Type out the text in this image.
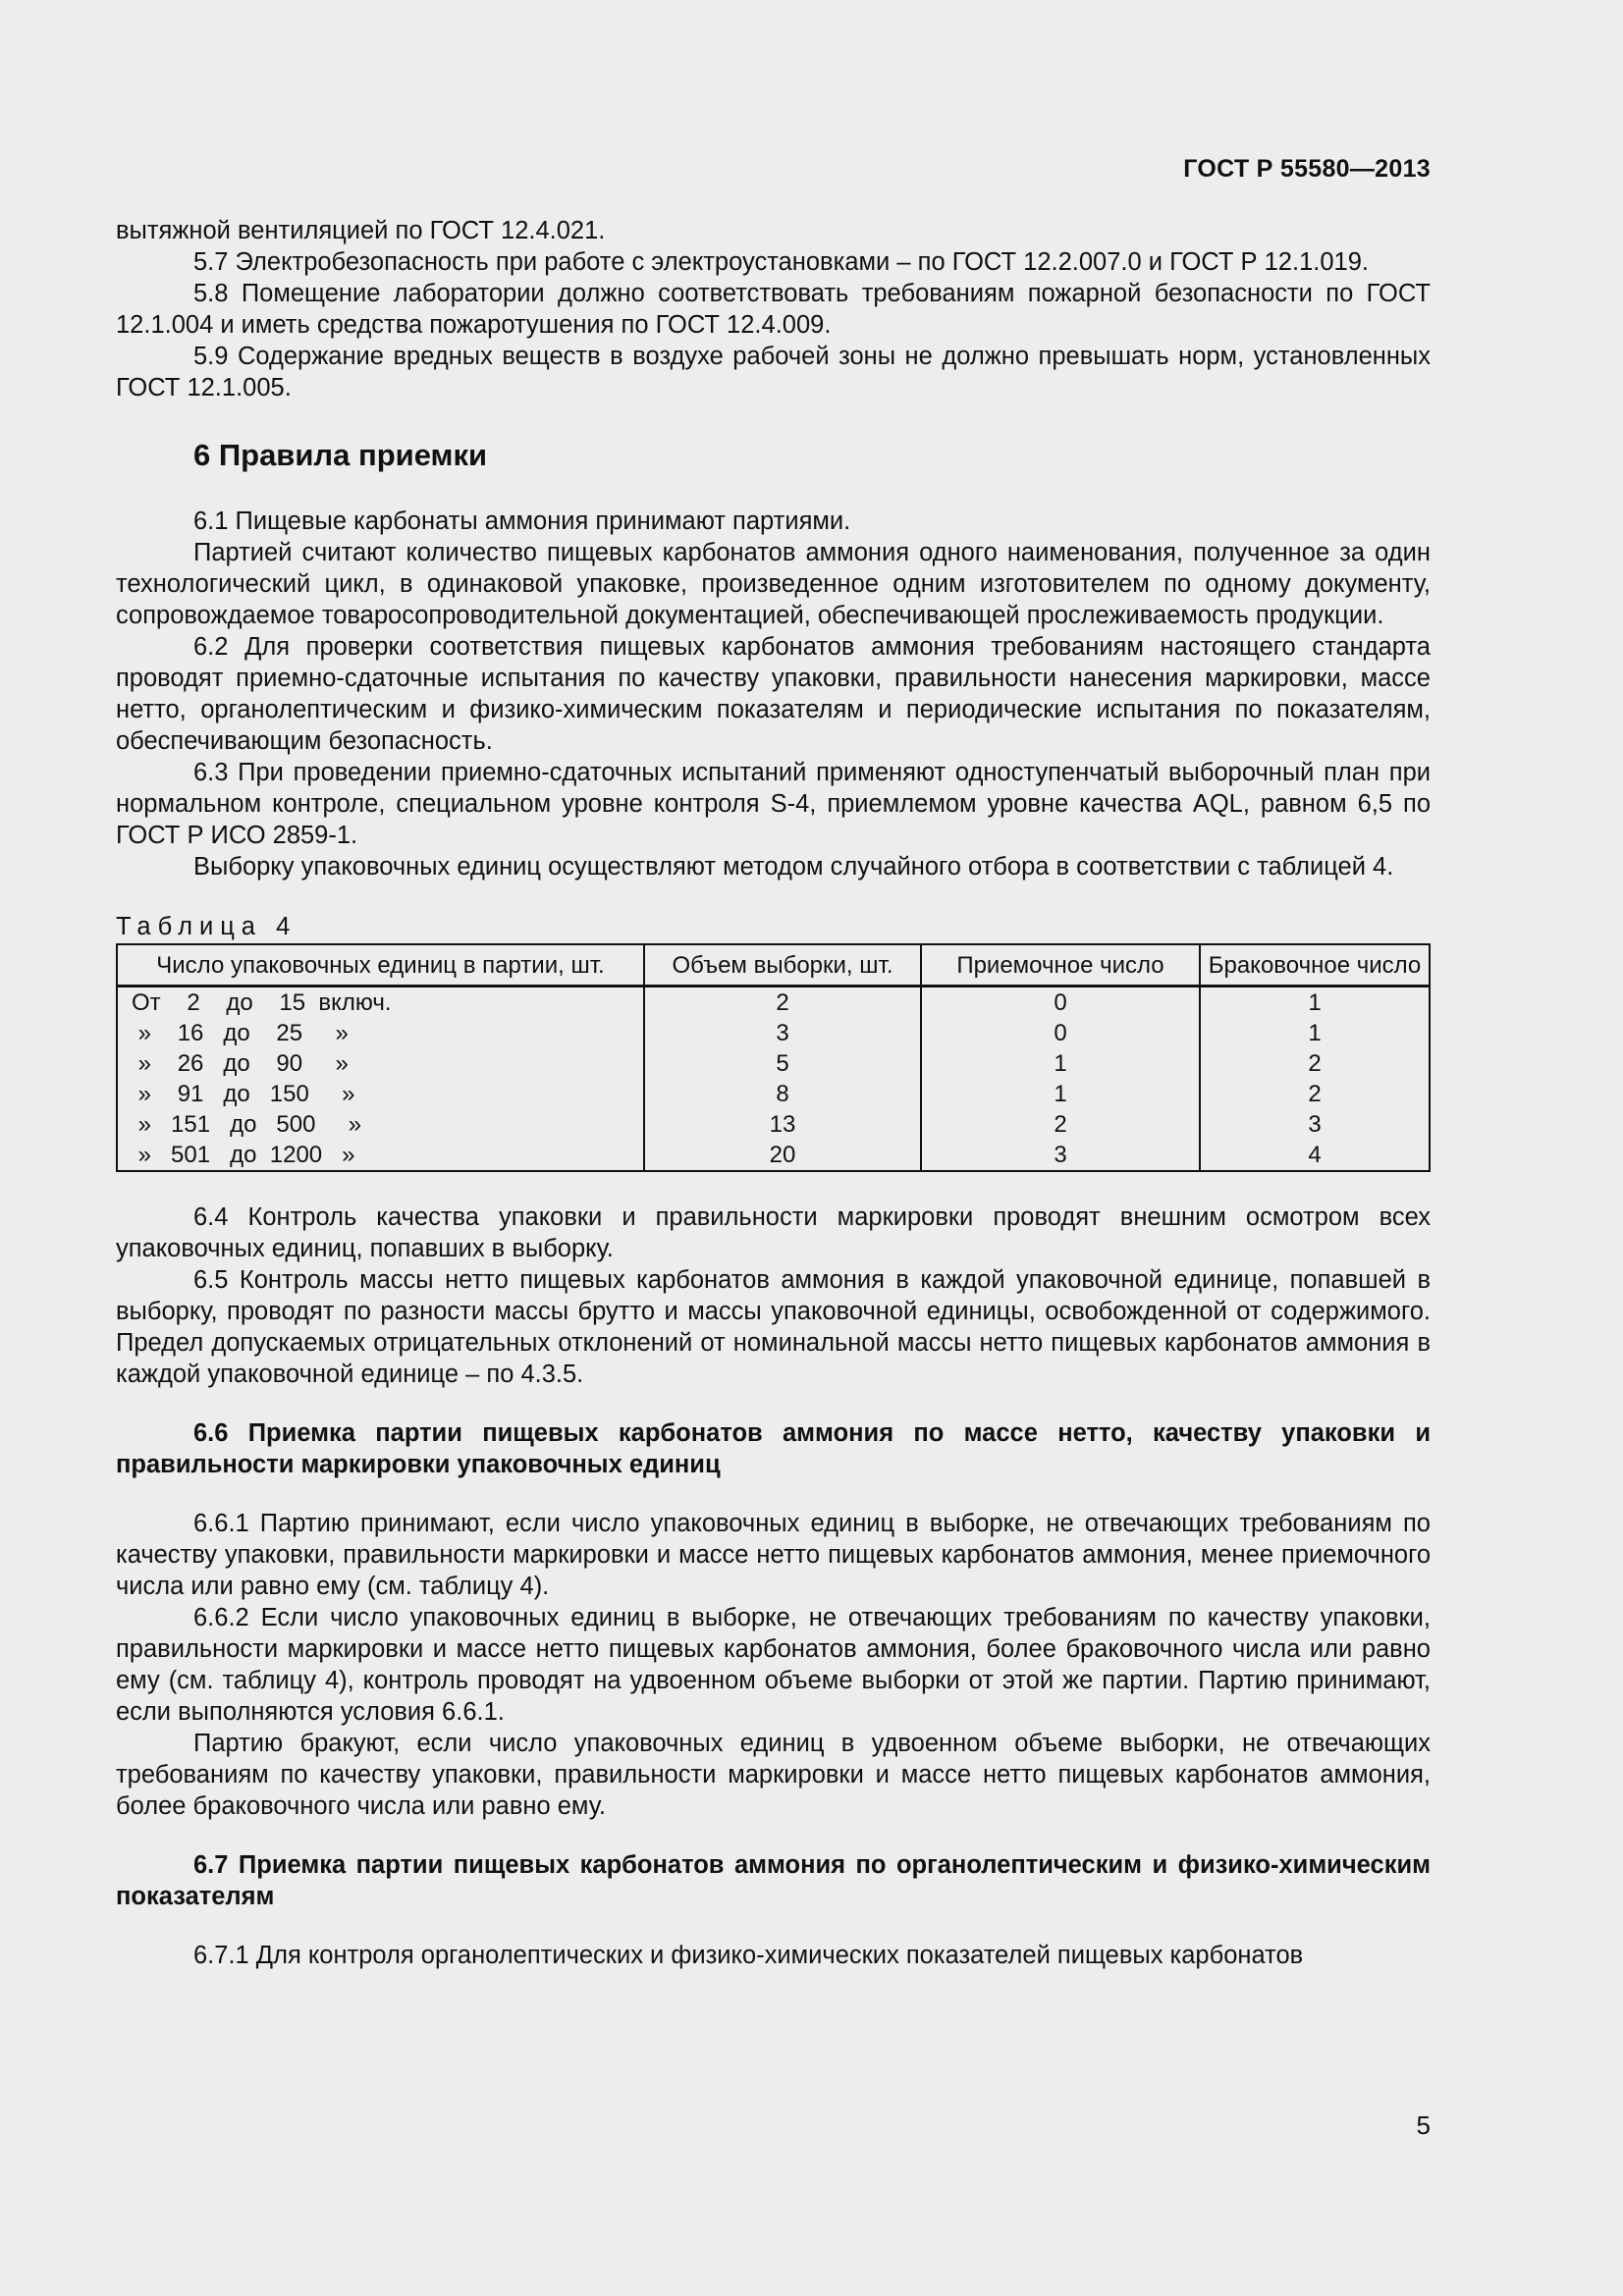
ГОСТ Р 55580—2013

вытяжной вентиляцией по ГОСТ 12.4.021.

5.7 Электробезопасность при работе с электроустановками – по ГОСТ 12.2.007.0 и ГОСТ Р 12.1.019.

5.8 Помещение лаборатории должно соответствовать требованиям пожарной безопасности по ГОСТ 12.1.004 и иметь средства пожаротушения по ГОСТ 12.4.009.

5.9 Содержание вредных веществ в воздухе рабочей зоны не должно превышать норм, установленных ГОСТ 12.1.005.

6 Правила приемки

6.1 Пищевые карбонаты аммония принимают партиями.

Партией считают количество пищевых карбонатов аммония одного наименования, полученное за один технологический цикл, в одинаковой упаковке, произведенное одним изготовителем по одному документу, сопровождаемое товаросопроводительной документацией, обеспечивающей прослеживаемость продукции.

6.2 Для проверки соответствия пищевых карбонатов аммония требованиям настоящего стандарта проводят приемно-сдаточные испытания по качеству упаковки, правильности нанесения маркировки, массе нетто, органолептическим и физико-химическим показателям и периодические испытания по показателям, обеспечивающим безопасность.

6.3 При проведении приемно-сдаточных испытаний применяют одноступенчатый выборочный план при нормальном контроле, специальном уровне контроля S-4, приемлемом уровне качества AQL, равном 6,5 по ГОСТ Р ИСО 2859-1.

Выборку упаковочных единиц осуществляют методом случайного отбора в соответствии с таблицей 4.

Таблица 4
Число упаковочных единиц в партии, шт.	Объем выборки, шт.	Приемочное число	Браковочное число
От    2    до    15  включ.	2	0	1
»    16   до    25     »	3	0	1
»    26   до    90     »	5	1	2
»    91   до   150     »	8	1	2
»   151   до   500     »	13	2	3
»   501   до  1200   »	20	3	4

6.4 Контроль качества упаковки и правильности маркировки проводят внешним осмотром всех упаковочных единиц, попавших в выборку.

6.5 Контроль массы нетто пищевых карбонатов аммония в каждой упаковочной единице, попавшей в выборку, проводят по разности массы брутто и массы упаковочной единицы, освобожденной от содержимого. Предел допускаемых отрицательных отклонений от номинальной массы нетто пищевых карбонатов аммония в каждой упаковочной единице – по 4.3.5.

6.6 Приемка партии пищевых карбонатов аммония по массе нетто, качеству упаковки и правильности маркировки упаковочных единиц

6.6.1 Партию принимают, если число упаковочных единиц в выборке, не отвечающих требованиям по качеству упаковки, правильности маркировки и массе нетто пищевых карбонатов аммония, менее приемочного числа или равно ему (см. таблицу 4).

6.6.2 Если число упаковочных единиц в выборке, не отвечающих требованиям по качеству упаковки, правильности маркировки и массе нетто пищевых карбонатов аммония, более браковочного числа или равно ему (см. таблицу 4), контроль проводят на удвоенном объеме выборки от этой же партии. Партию принимают, если выполняются условия 6.6.1.

Партию бракуют, если число упаковочных единиц в удвоенном объеме выборки, не отвечающих требованиям по качеству упаковки, правильности маркировки и массе нетто пищевых карбонатов аммония, более браковочного числа или равно ему.

6.7 Приемка партии пищевых карбонатов аммония по органолептическим и физико-химическим показателям

6.7.1 Для контроля органолептических и физико-химических показателей пищевых карбонатов

5
